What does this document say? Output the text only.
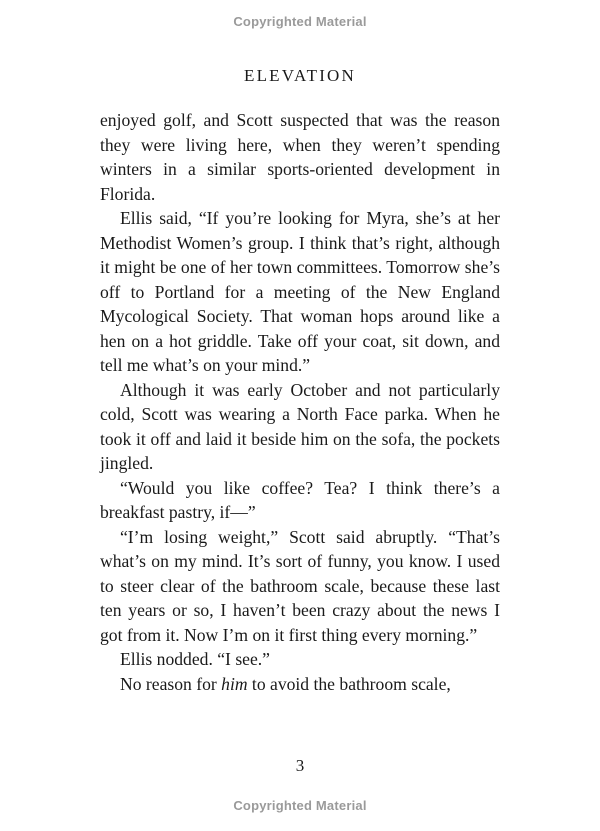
Copyrighted Material
ELEVATION

enjoyed golf, and Scott suspected that was the reason they were living here, when they weren’t spending winters in a similar sports-oriented development in Florida.

Ellis said, “If you’re looking for Myra, she’s at her Methodist Women’s group. I think that’s right, although it might be one of her town committees. Tomorrow she’s off to Portland for a meeting of the New England Mycological Society. That woman hops around like a hen on a hot griddle. Take off your coat, sit down, and tell me what’s on your mind.”

Although it was early October and not particularly cold, Scott was wearing a North Face parka. When he took it off and laid it beside him on the sofa, the pockets jingled.

“Would you like coffee? Tea? I think there’s a breakfast pastry, if—”

“I’m losing weight,” Scott said abruptly. “That’s what’s on my mind. It’s sort of funny, you know. I used to steer clear of the bathroom scale, because these last ten years or so, I haven’t been crazy about the news I got from it. Now I’m on it first thing every morning.”

Ellis nodded. “I see.”

No reason for him to avoid the bathroom scale,

3
Copyrighted Material
